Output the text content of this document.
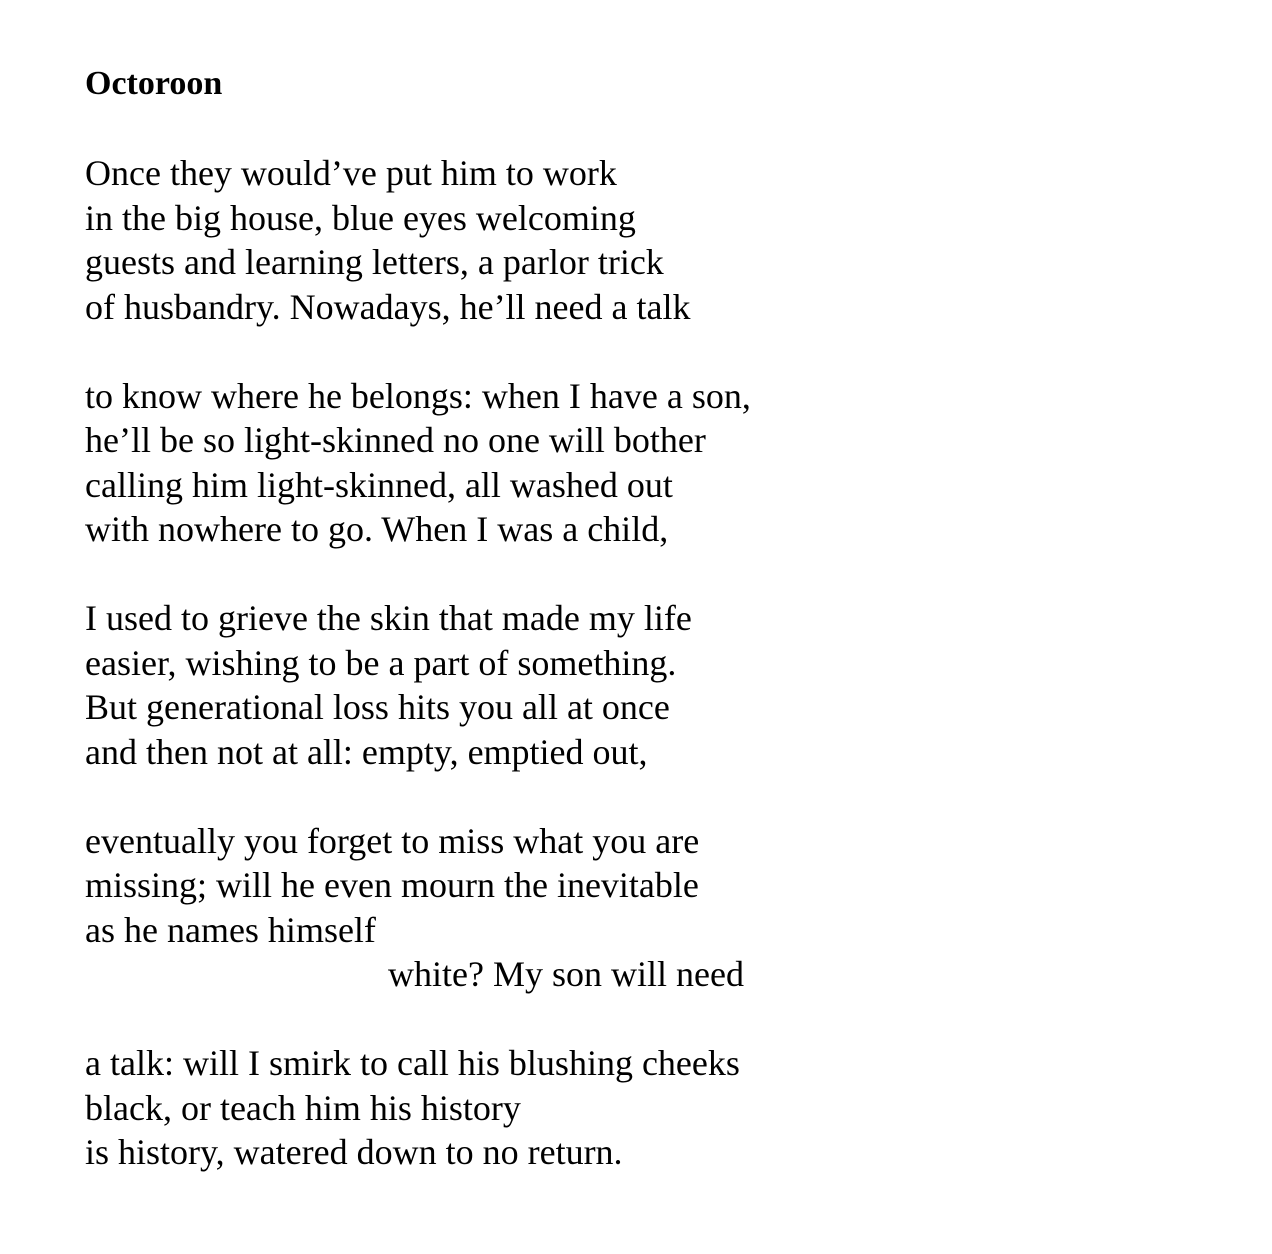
Octoroon
Once they would’ve put him to work
in the big house, blue eyes welcoming
guests and learning letters, a parlor trick
of husbandry. Nowadays, he’ll need a talk
to know where he belongs: when I have a son,
he’ll be so light-skinned no one will bother
calling him light-skinned, all washed out
with nowhere to go. When I was a child,
I used to grieve the skin that made my life
easier, wishing to be a part of something.
But generational loss hits you all at once
and then not at all: empty, emptied out,
eventually you forget to miss what you are
missing; will he even mourn the inevitable
as he names himself
white? My son will need
a talk: will I smirk to call his blushing cheeks
black, or teach him his history
is history, watered down to no return.
